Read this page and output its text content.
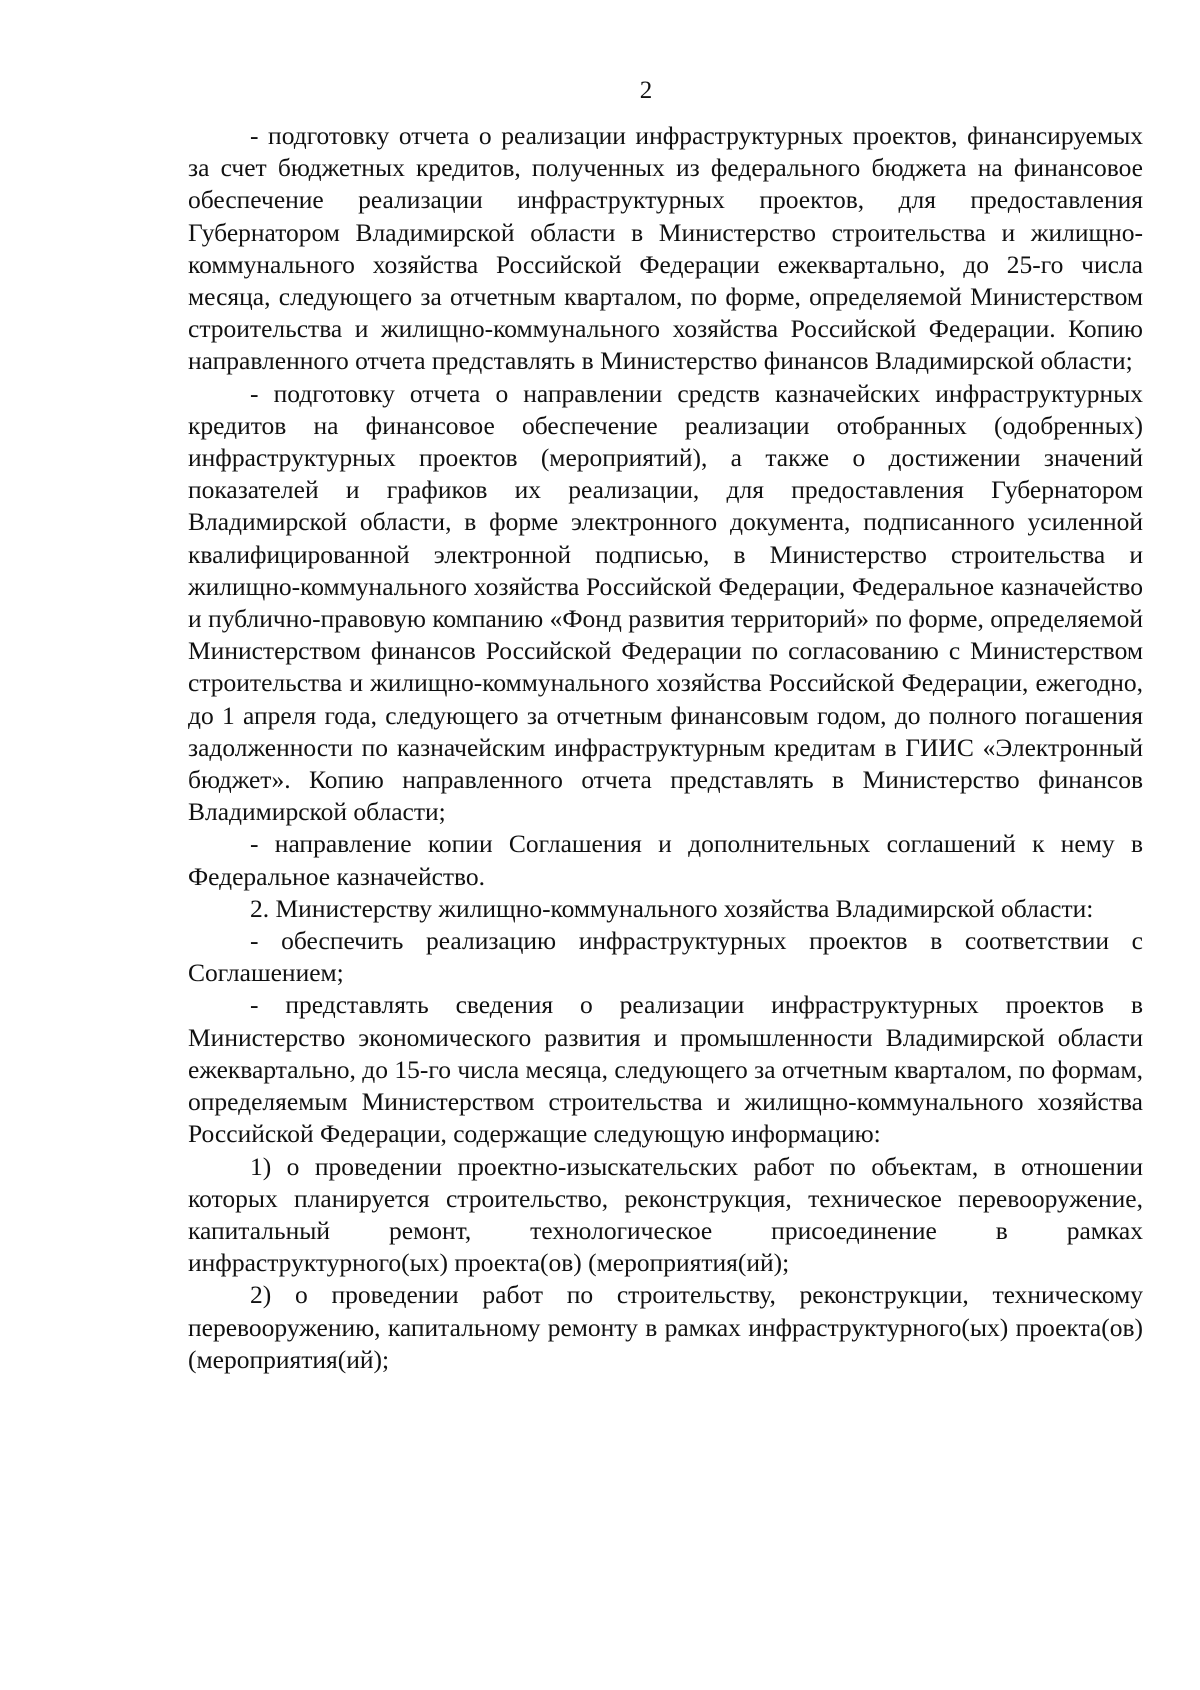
2

- подготовку отчета о реализации инфраструктурных проектов, финансируемых за счет бюджетных кредитов, полученных из федерального бюджета на финансовое обеспечение реализации инфраструктурных проектов, для предоставления Губернатором Владимирской области в Министерство строительства и жилищно-коммунального хозяйства Российской Федерации ежеквартально, до 25-го числа месяца, следующего за отчетным кварталом, по форме, определяемой Министерством строительства и жилищно-коммунального хозяйства Российской Федерации. Копию направленного отчета представлять в Министерство финансов Владимирской области;

- подготовку отчета о направлении средств казначейских инфраструктурных кредитов на финансовое обеспечение реализации отобранных (одобренных) инфраструктурных проектов (мероприятий), а также о достижении значений показателей и графиков их реализации, для предоставления Губернатором Владимирской области, в форме электронного документа, подписанного усиленной квалифицированной электронной подписью, в Министерство строительства и жилищно-коммунального хозяйства Российской Федерации, Федеральное казначейство и публично-правовую компанию «Фонд развития территорий» по форме, определяемой Министерством финансов Российской Федерации по согласованию с Министерством строительства и жилищно-коммунального хозяйства Российской Федерации, ежегодно, до 1 апреля года, следующего за отчетным финансовым годом, до полного погашения задолженности по казначейским инфраструктурным кредитам в ГИИС «Электронный бюджет». Копию направленного отчета представлять в Министерство финансов Владимирской области;

- направление копии Соглашения и дополнительных соглашений к нему в Федеральное казначейство.

2. Министерству жилищно-коммунального хозяйства Владимирской области:

- обеспечить реализацию инфраструктурных проектов в соответствии с Соглашением;

- представлять сведения о реализации инфраструктурных проектов в Министерство экономического развития и промышленности Владимирской области ежеквартально, до 15-го числа месяца, следующего за отчетным кварталом, по формам, определяемым Министерством строительства и жилищно-коммунального хозяйства Российской Федерации, содержащие следующую информацию:

1) о проведении проектно-изыскательских работ по объектам, в отношении которых планируется строительство, реконструкция, техническое перевооружение, капитальный ремонт, технологическое присоединение в рамках инфраструктурного(ых) проекта(ов) (мероприятия(ий);

2) о проведении работ по строительству, реконструкции, техническому перевооружению, капитальному ремонту в рамках инфраструктурного(ых) проекта(ов) (мероприятия(ий);
